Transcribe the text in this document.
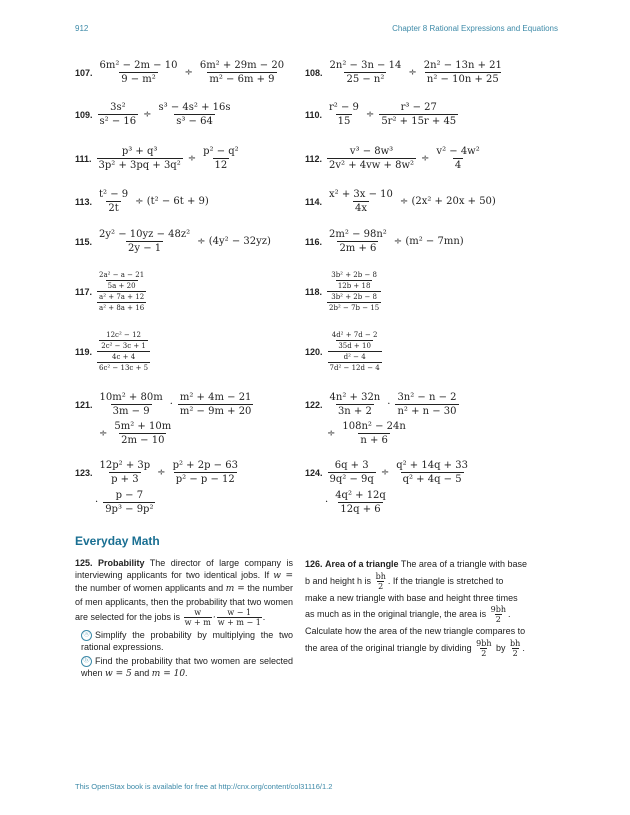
912	Chapter 8 Rational Expressions and Equations
107. $\frac{\text{6m² − 2m − 10}}{\text{9 − m²}} \div \frac{\text{6m² + 29m − 20}}{\text{m² − 6m + 9}} 108$. $\frac{\text{2n² − 3n − 14}}{\text{25 − n²}} \div \frac{\text{2n² − 13n + 21}}{\text{n² − 10n + 25}}$
109. $\frac{\text{3s²}}{\text{s² − 16}} \div \frac{\text{s³ − 4s² + 16s}}{\text{s³ − 64}}$	110. $\frac{\text{r² − 9}}{15} \div \frac{\text{r³ − 27}}{\text{5r² + 15r + 45}}$
111. $\frac{\text{p³ + q³}}{\text{3p² + 3pq + 3q²}} \div \frac{\text{p² − q²}}{12}$	112. $\frac{\text{v³ − 8w³}}{\text{2v² + 4vw + 8w²}} \div \frac{\text{v² − 4w²}}{4}$
113. $\frac{\text{t² − 9}}{2t} \div (t^2 - 6t + 9)$	114. $\frac{\text{x² + 3x − 10}}{4x} \div (2x^2 + 20x + 50)$
115. $\frac{\text{2y² − 10yz − 48z²}}{2y - 1} \div (4y^2 - 32yz)$	116. $\frac{\text{2m² − 98n²}}{2m + 6} \div (m^2 - 7mn)$
117.
$\frac{\text{2a² − a − 21}}{5a + 20}$
$\frac{\text{a² + 7a + 12}}{\text{a² + 8a + 16}}$	118.
$\frac{\text{3b² + 2b − 8}}{12b + 18}$
$\frac{\text{3b² + 2b − 8}}{\text{2b² − 7b − 15}}$
119.
$\frac{\text{12c² − 12}}{\text{2c² − 3c + 1}}$
$\frac{4c + 4}{\text{6c² − 13c + 5}}$	120.
$\frac{\text{4d² + 7d − 2}}{35d + 10}$
$\frac{\text{d² − 4}}{\text{7d² − 12d − 4}}$
121. $\frac{\text{10m² + 80m}}{3m - 9} \cdot \frac{\text{m² + 4m − 21}}{\text{m² − 9m + 20}}$
÷ $\frac{\text{5m² + 10m}}{2m - 10}$
122. $\frac{\text{4n² + 32n}}{3n + 2} \cdot \frac{\text{3n² − n − 2}}{\text{n² + n − 30}}$
÷ $\frac{\text{108n² − 24n}}{n + 6}$
123. $\frac{\text{12p² + 3p}}{p + 3} \div \frac{\text{p² + 2p − 63}}{\text{p² − p − 12}}$
· $\frac{p - 7}{\text{9p³ − 9p²}}$
124. $\frac{6q + 3}{\text{9q² − 9q}} \div \frac{\text{q² + 14q + 33}}{\text{q² + 4q − 5}}$
· $\frac{\text{4q² + 12q}}{12q + 6}$
Everyday Math
125. Probability The director of large company is interviewing applicants for two identical jobs. If w = the number of women applicants and m = the number of men applicants, then the probability that two women are selected for the jobs is $\frac{w}{w + m} \cdot \frac{w - 1}{w + m - 1}$ .
ⓐ Simplify the probability by multiplying the two rational expressions.
ⓑ Find the probability that two women are selected when w = 5 and m = 10.
126. Area of a triangle The area of a triangle with base b and height h is $\frac{bh}{2}$ . If the triangle is stretched to make a new triangle with base and height three times as much as in the original triangle, the area is $\frac{9bh}{2}$ . Calculate how the area of the new triangle compares to the area of the original triangle by dividing $\frac{9bh}{2}$ by $\frac{bh}{2}$ .
This OpenStax book is available for free at http://cnx.org/content/col31116/1.2
